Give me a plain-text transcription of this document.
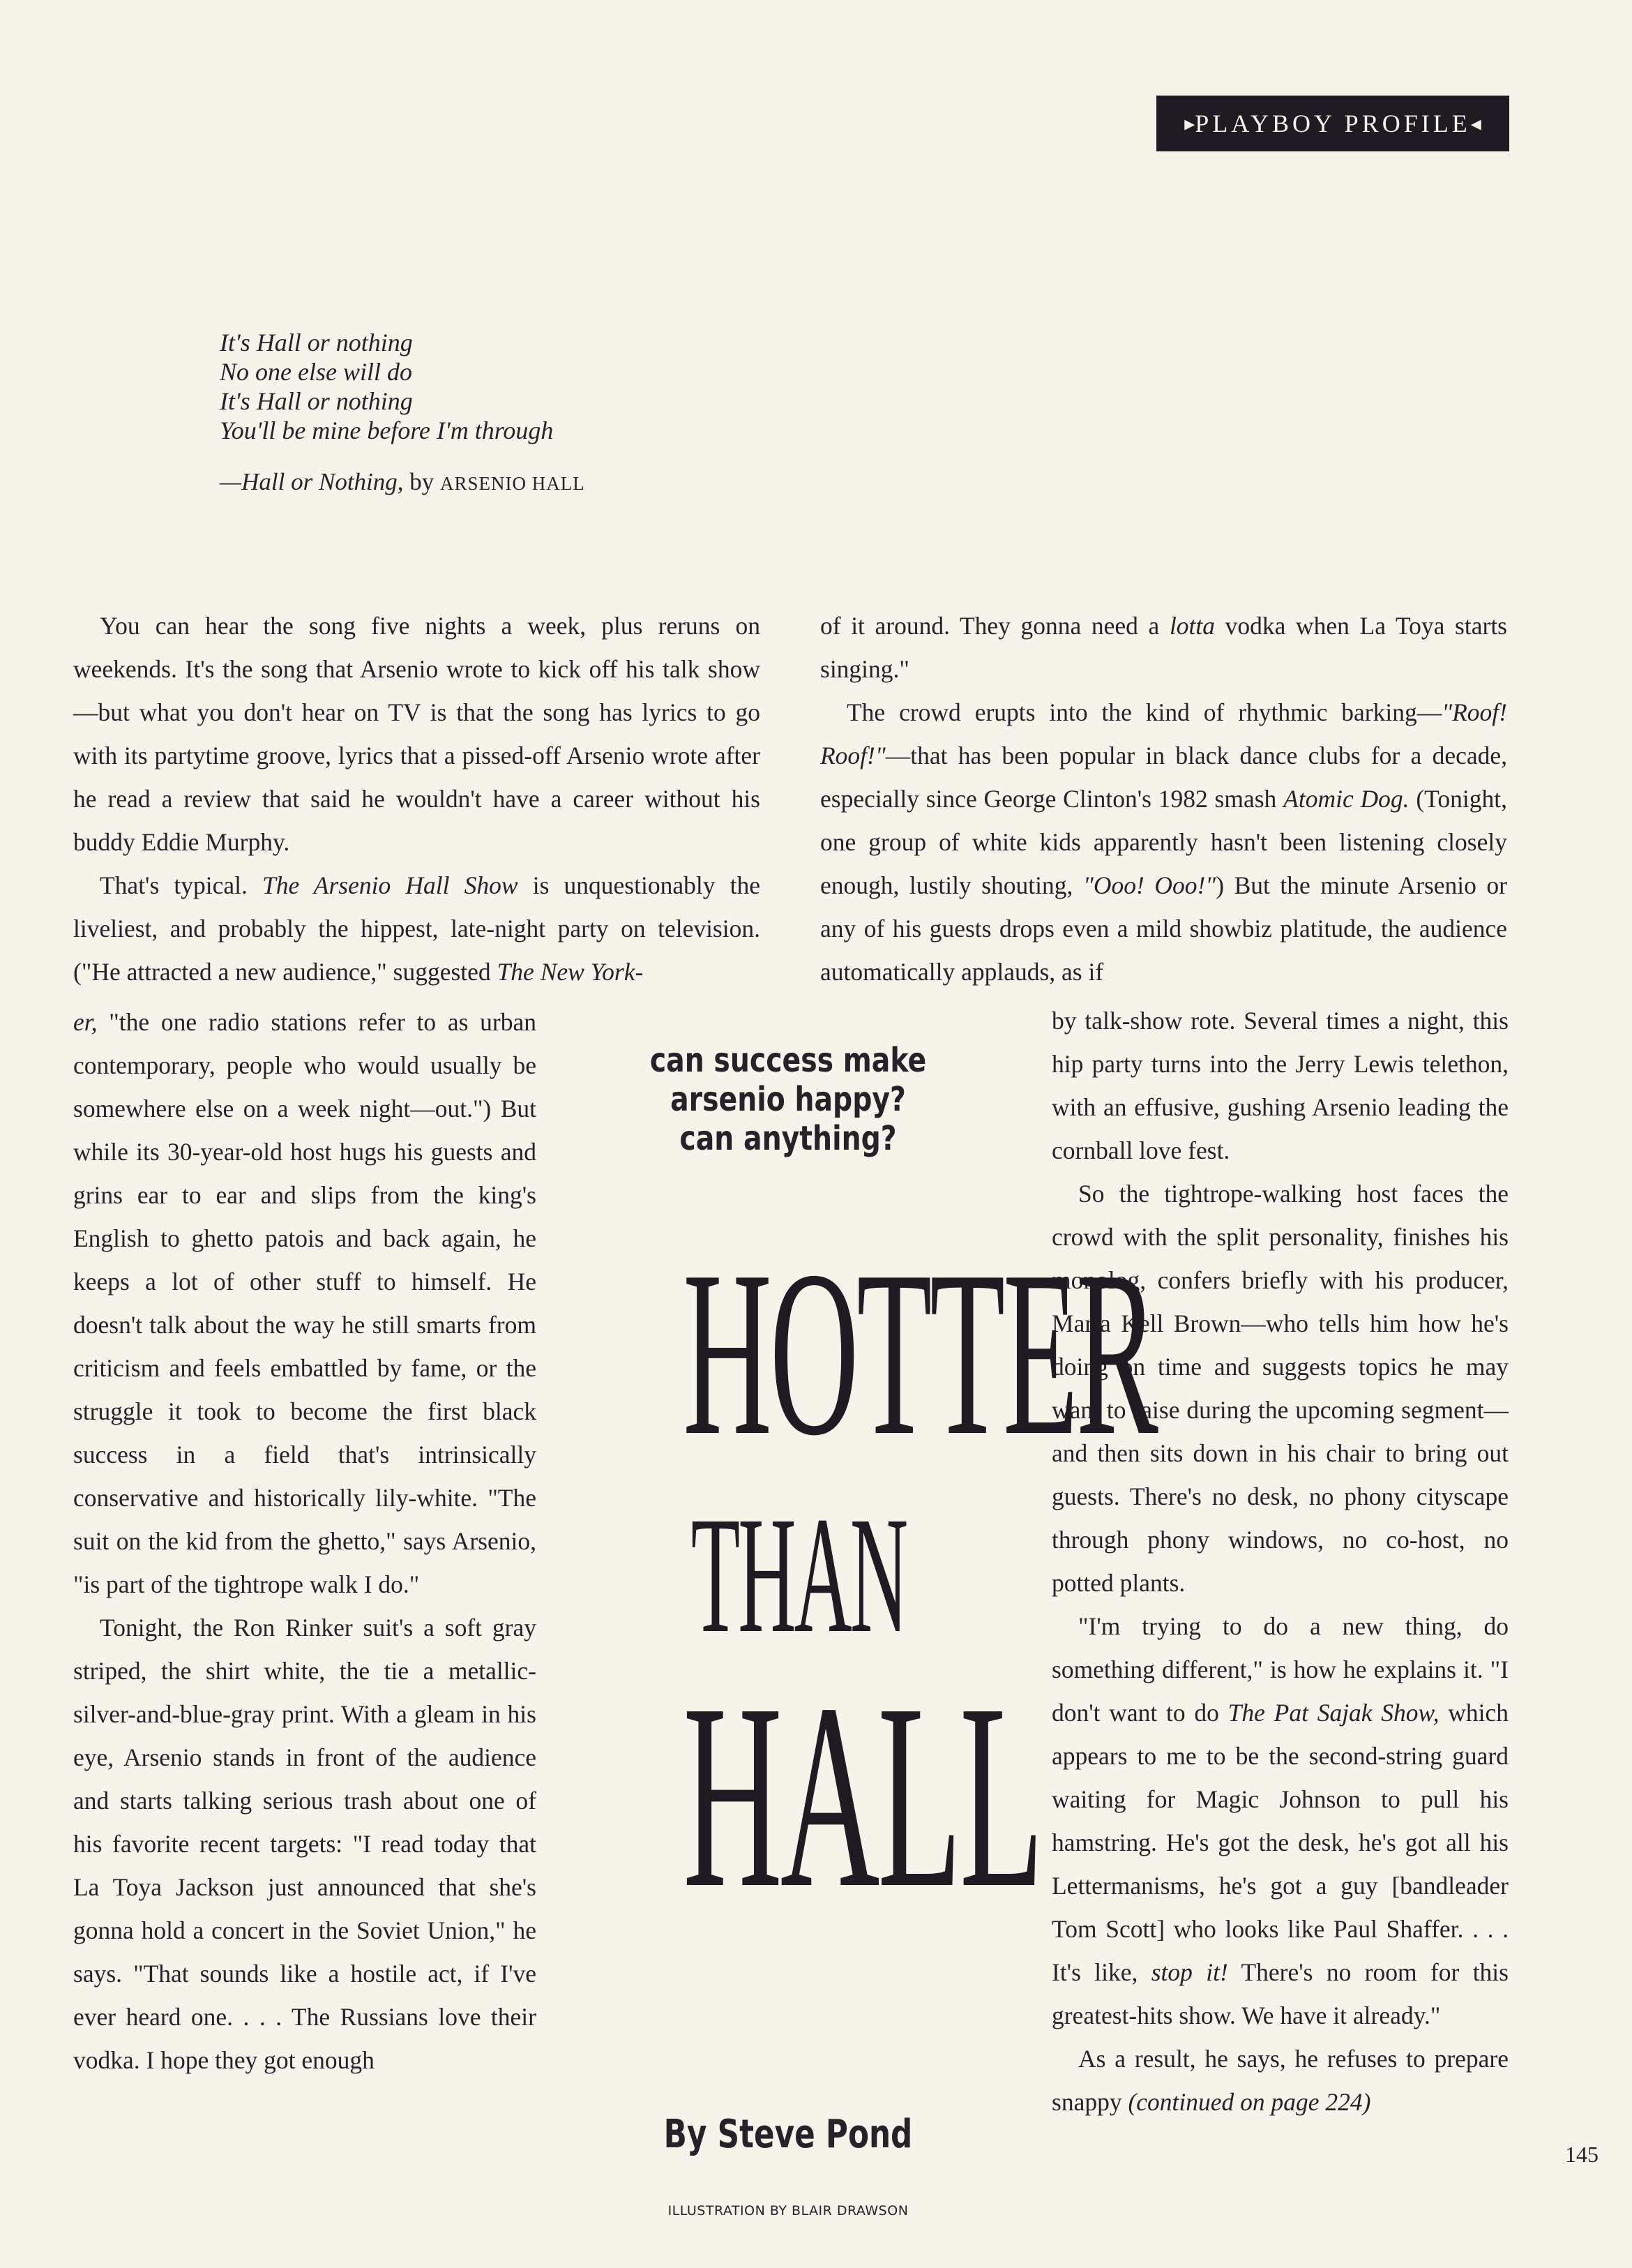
▸ PLAYBOY PROFILE ◂
It's Hall or nothing
No one else will do
It's Hall or nothing
You'll be mine before I'm through
—Hall or Nothing, by ARSENIO HALL

You can hear the song five nights a week, plus reruns on weekends. It's the song that Arsenio wrote to kick off his talk show—but what you don't hear on TV is that the song has lyrics to go with its partytime groove, lyrics that a pissed-off Arsenio wrote after he read a review that said he wouldn't have a career without his buddy Eddie Murphy.

That's typical. The Arsenio Hall Show is unquestionably the liveliest, and probably the hippest, late-night party on television. ("He attracted a new audience," suggested The New York-

of it around. They gonna need a lotta vodka when La Toya starts singing."

The crowd erupts into the kind of rhythmic barking—"Roof! Roof!"—that has been popular in black dance clubs for a decade, especially since George Clinton's 1982 smash Atomic Dog. (Tonight, one group of white kids apparently hasn't been listening closely enough, lustily shouting, "Ooo! Ooo!") But the minute Arsenio or any of his guests drops even a mild showbiz platitude, the audience automatically applauds, as if

er, "the one radio stations refer to as urban contemporary, people who would usually be somewhere else on a week night—out.") But while its 30-year-old host hugs his guests and grins ear to ear and slips from the king's English to ghetto patois and back again, he keeps a lot of other stuff to himself. He doesn't talk about the way he still smarts from criticism and feels embattled by fame, or the struggle it took to become the first black success in a field that's intrinsically conservative and historically lily-white. "The suit on the kid from the ghetto," says Arsenio, "is part of the tightrope walk I do."

Tonight, the Ron Rinker suit's a soft gray striped, the shirt white, the tie a metallic-silver-and-blue-gray print. With a gleam in his eye, Arsenio stands in front of the audience and starts talking serious trash about one of his favorite recent targets: "I read today that La Toya Jackson just announced that she's gonna hold a concert in the Soviet Union," he says. "That sounds like a hostile act, if I've ever heard one. . . . The Russians love their vodka. I hope they got enough

by talk-show rote. Several times a night, this hip party turns into the Jerry Lewis telethon, with an effusive, gushing Arsenio leading the cornball love fest.

So the tightrope-walking host faces the crowd with the split personality, finishes his monolog, confers briefly with his producer, Marla Kell Brown—who tells him how he's doing on time and suggests topics he may want to raise during the upcoming segment—and then sits down in his chair to bring out guests. There's no desk, no phony cityscape through phony windows, no co-host, no potted plants.

"I'm trying to do a new thing, do something different," is how he explains it. "I don't want to do The Pat Sajak Show, which appears to me to be the second-string guard waiting for Magic Johnson to pull his hamstring. He's got the desk, he's got all his Lettermanisms, he's got a guy [bandleader Tom Scott] who looks like Paul Shaffer. . . . It's like, stop it! There's no room for this greatest-hits show. We have it already."

As a result, he says, he refuses to prepare snappy (continued on page 224)

can success make
arsenio happy?
can anything?
HOTTER
THAN
HALL
By Steve Pond
ILLUSTRATION BY BLAIR DRAWSON
145
